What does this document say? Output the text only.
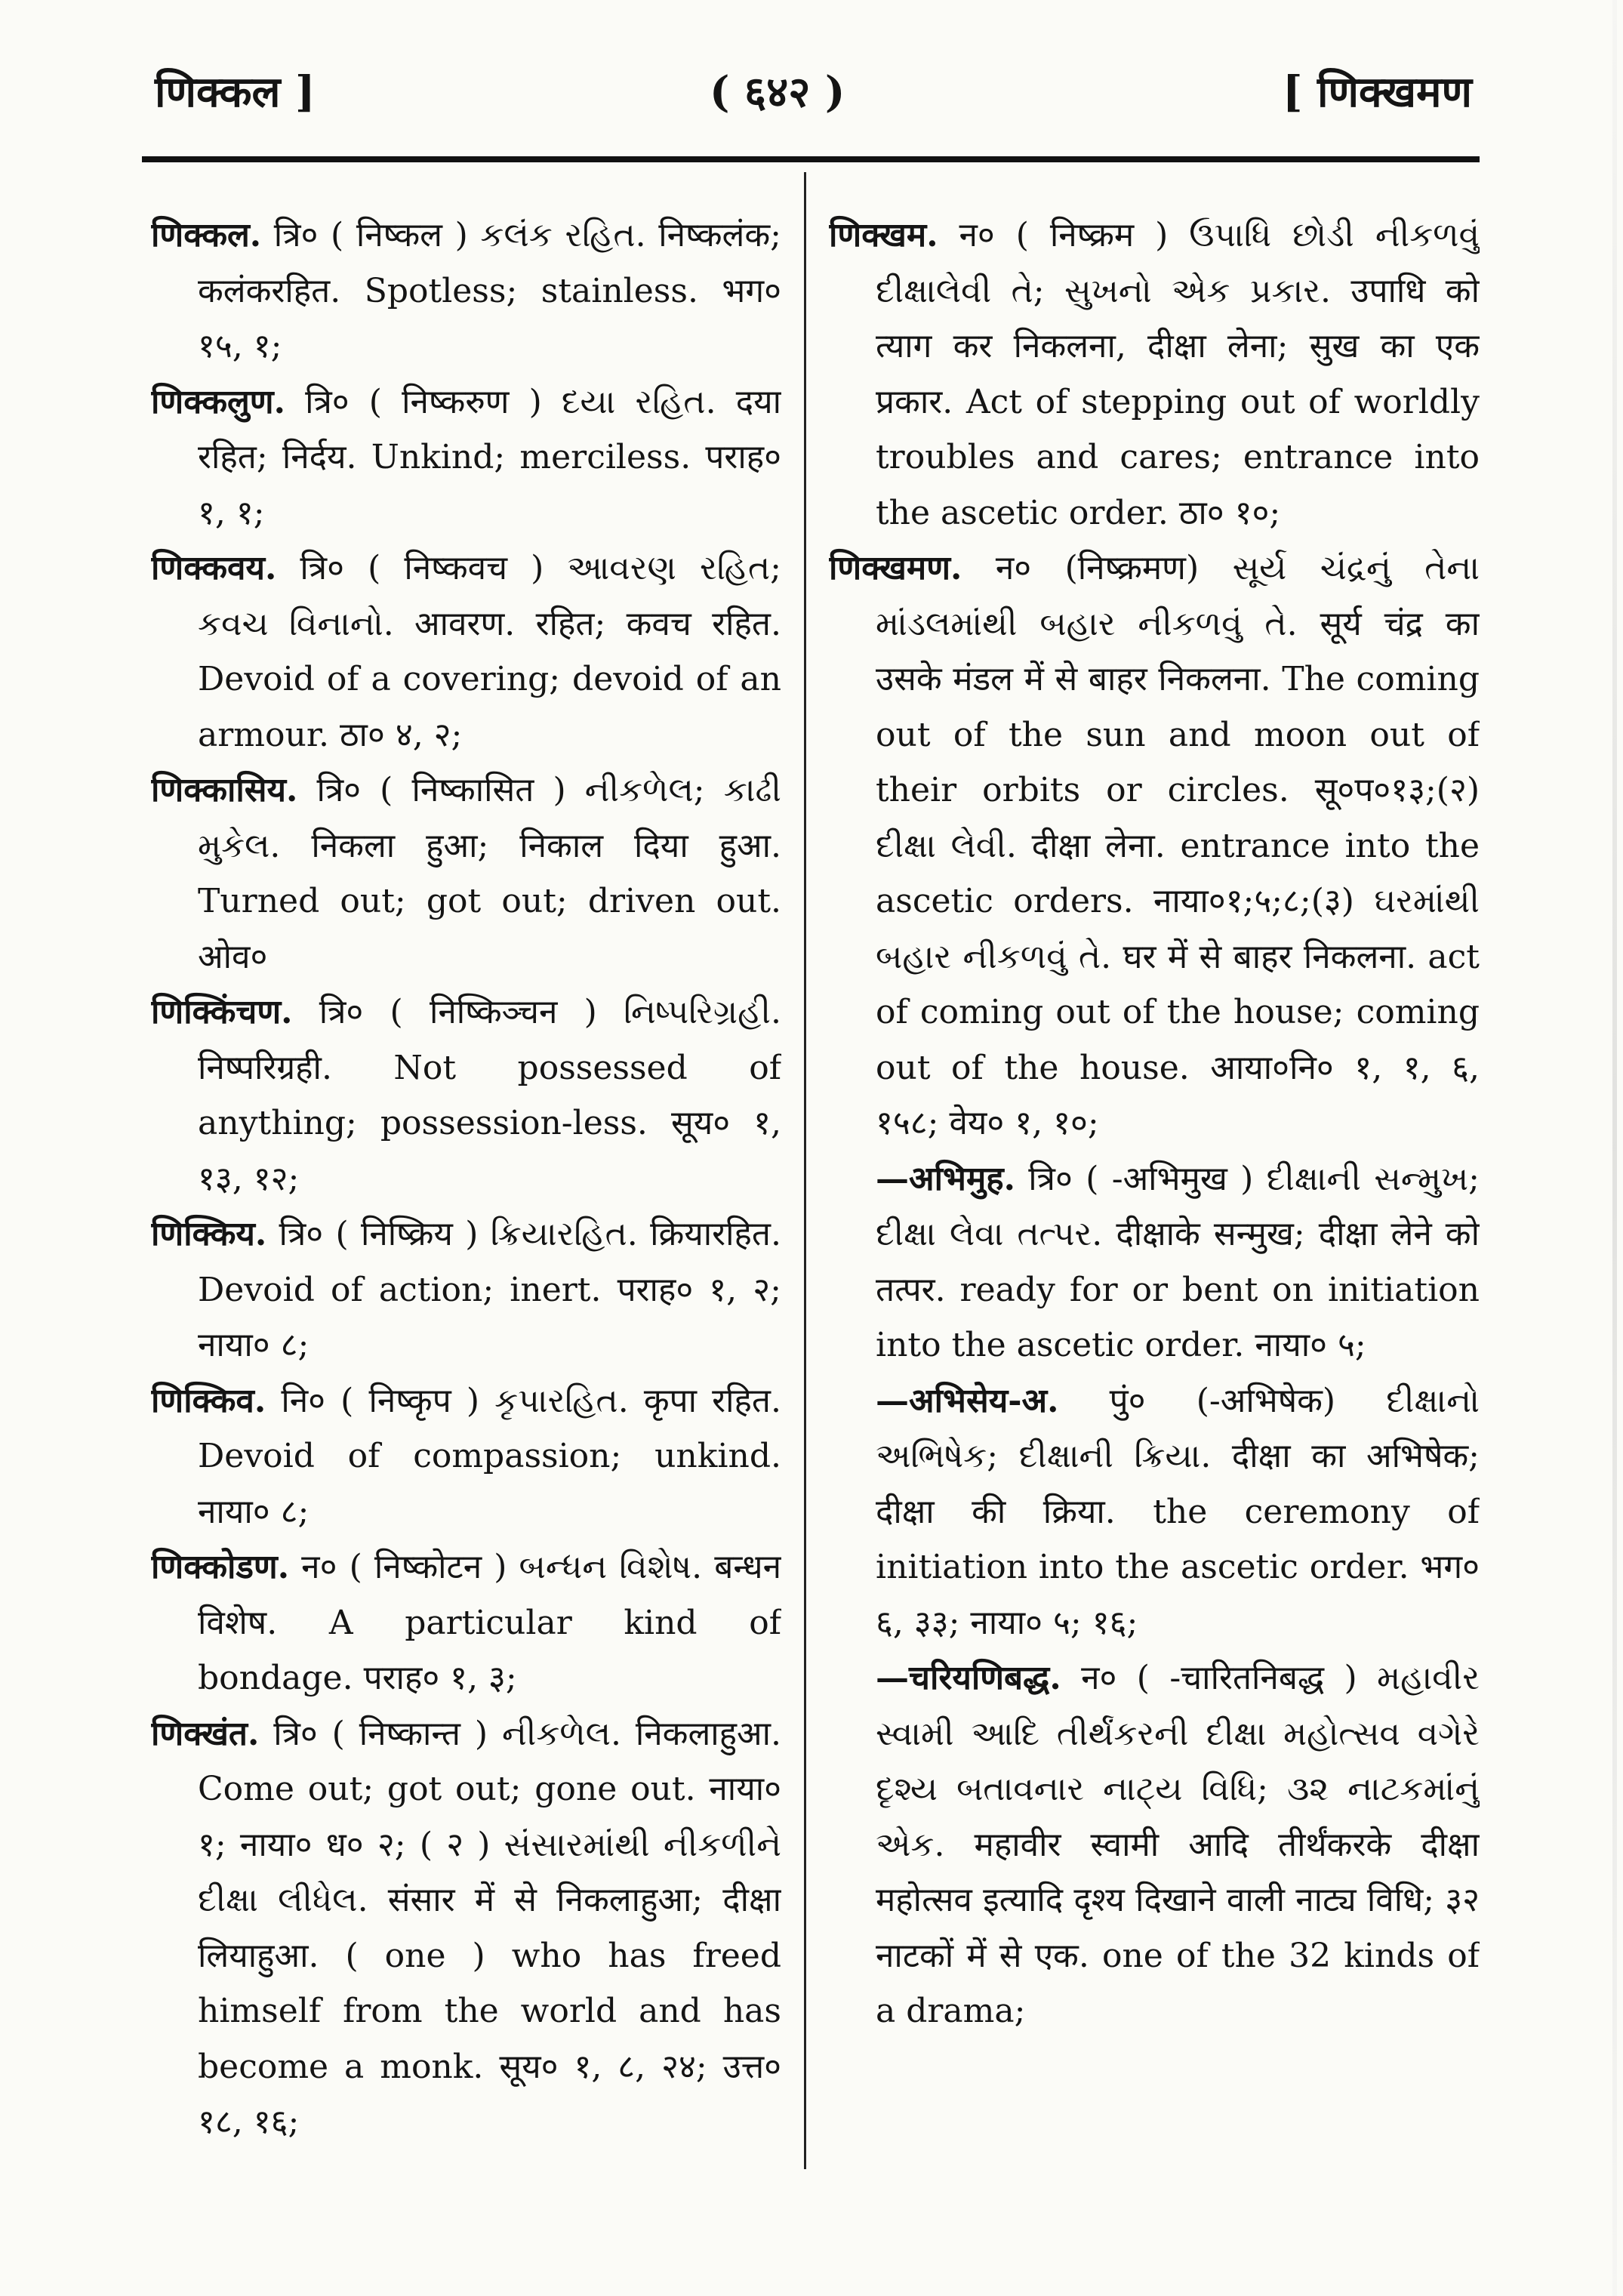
णिक्कल ]	( ६४२ )	[ णिक्खमण

णिक्कल. त्रि० ( निष्कल ) કલંક રહિત. निष्कलंक; कलंकरहित. Spotless; stainless. भग० १५, १;

णिक्कलुण. त्रि० ( निष्करुण ) દયા રહિત. दया रहित; निर्दय. Unkind; merciless. पराह० १, १;

णिक्कवय. त्रि० ( निष्कवच ) આવરણ રહિત; કવચ વિનાનો. आवरण. रहित; कवच रहित. Devoid of a covering; devoid of an armour. ठा० ४, २;

णिक्कासिय. त्रि० ( निष्कासित ) નીકળેલ; કાઢી મુકેલ. निकला हुआ; निकाल दिया हुआ. Turned out; got out; driven out. ओव०

णिक्किंचण. त्रि० ( निष्किञ्चन ) નિષ્પરિગ્રહી. निष्परिग्रही. Not possessed of anything; possession-less. सूय० १, १३, १२;

णिक्किय. त्रि० ( निष्क्रिय ) ક્રિયારહિત. क्रियारहित. Devoid of action; inert. पराह० १, २; नाया० ८;

णिक्किव. नि० ( निष्कृप ) કૃપારહિત. कृपा रहित. Devoid of compassion; unkind. नाया० ८;

णिक्कोडण. न० ( निष्कोटन ) બન્ધન વિશેષ. बन्धन विशेष. A particular kind of bondage. पराह० १, ३;

णिक्खंत. त्रि० ( निष्कान्त ) નીકળેલ. निकलाहुआ. Come out; got out; gone out. नाया० १; नाया० ध० २; ( २ ) સંસારમાંથી નીકળીને દીક્ષા લીધેલ. संसार में से निकलाहुआ; दीक्षा लियाहुआ. ( one ) who has freed himself from the world and has become a monk. सूय० १, ८, २४; उत्त० १८, १६;

णिक्खम. न० ( निष्क्रम ) ઉપાધિ છોડી નીકળવું દીક્ષાલેવી તે; સુખનો એક પ્રકાર. उपाधि को त्याग कर निकलना, दीक्षा लेना; सुख का एक प्रकार. Act of stepping out of worldly troubles and cares; entrance into the ascetic order. ठा० १०;

णिक्खमण. न० (निष्क्रमण) સૂર્ય ચંદ્રનું તેના માંડલમાંથી બહાર નીકળવું તે. सूर्य चंद्र का उसके मंडल में से बाहर निकलना. The coming out of the sun and moon out of their orbits or circles. सू०प०१३;(२) દીક્ષા લેવી. दीक्षा लेना. entrance into the ascetic orders. नाया०१;५;८;(३) ઘરમાંથી બહાર નીકળવું તે. घर में से बाहर निकलना. act of coming out of the house; coming out of the house. आया०नि० १, १, ६, १५८; वेय० १, १०;

—अभिमुह. त्रि० ( -अभिमुख ) દીક્ષાની સન્મુખ; દીક્ષા લેવા તત્પર. दीक्षाके सन्मुख; दीक्षा लेने को तत्पर. ready for or bent on initiation into the ascetic order. नाया० ५;

—अभिसेय-अ. पुं० (-अभिषेक) દીક્ષાનો અભિષેક; દીક્ષાની ક્રિયા. दीक्षा का अभिषेक; दीक्षा की क्रिया. the ceremony of initiation into the ascetic order. भग० ६, ३३; नाया० ५; १६;

—चरियणिबद्ध. न० ( -चारितनिबद्ध ) મહાવીર સ્વામી આદિ તીર્થંકરની દીક્ષા મહોત્સવ વગેરે દૃશ્ય બતાવનાર નાટ્ય વિધિ; ૩૨ નાટકમાંનું એક. महावीर स्वामी आदि तीर्थंकरके दीक्षा महोत्सव इत्यादि दृश्य दिखाने वाली नाट्य विधि; ३२ नाटकों में से एक. one of the 32 kinds of a drama;
